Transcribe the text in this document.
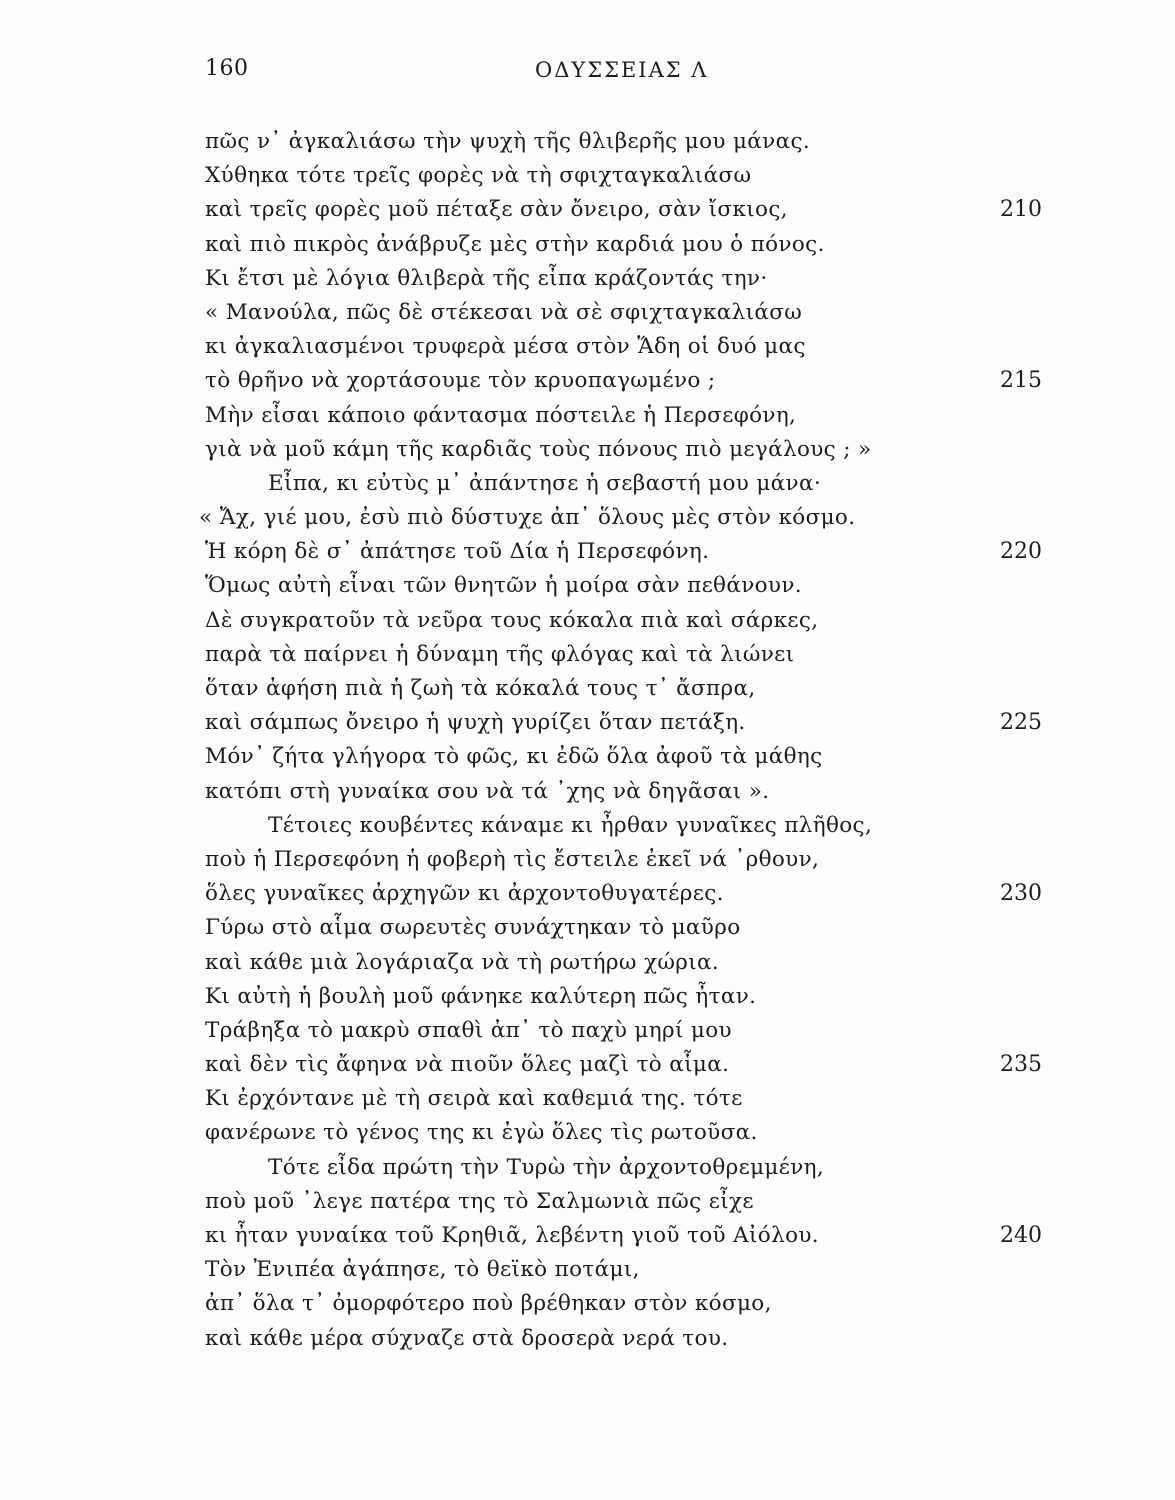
160	ΟΔΥΣΣΕΙΑΣ Λ
πῶς ν᾽ ἀγκαλιάσω τὴν ψυχὴ τῆς θλιβερῆς μου μάνας.
Χύθηκα τότε τρεῖς φορὲς νὰ τὴ σφιχταγκαλιάσω
καὶ τρεῖς φορὲς μοῦ πέταξε σὰν ὄνειρο, σὰν ἴσκιος,	210
καὶ πιὸ πικρὸς ἀνάβρυζε μὲς στὴν καρδιά μου ὁ πόνος.
Κι ἔτσι μὲ λόγια θλιβερὰ τῆς εἶπα κράζοντάς την·
« Μανούλα, πῶς δὲ στέκεσαι νὰ σὲ σφιχταγκαλιάσω
κι ἀγκαλιασμένοι τρυφερὰ μέσα στὸν Ἅδη οἱ δυό μας
τὸ θρῆνο νὰ χορτάσουμε τὸν κρυοπαγωμένο ;	215
Μὴν εἶσαι κάποιο φάντασμα πόστειλε ἡ Περσεφόνη,
γιὰ νὰ μοῦ κάμη τῆς καρδιᾶς τοὺς πόνους πιὸ μεγάλους ; »
Εἶπα, κι εὐτὺς μ᾽ ἀπάντησε ἡ σεβαστή μου μάνα·
« Ἄχ, γιέ μου, ἐσὺ πιὸ δύστυχε ἀπ᾽ ὅλους μὲς στὸν κόσμο.
Ἡ κόρη δὲ σ᾽ ἀπάτησε τοῦ Δία ἡ Περσεφόνη.	220
Ὅμως αὐτὴ εἶναι τῶν θνητῶν ἡ μοίρα σὰν πεθάνουν.
Δὲ συγκρατοῦν τὰ νεῦρα τους κόκαλα πιὰ καὶ σάρκες,
παρὰ τὰ παίρνει ἡ δύναμη τῆς φλόγας καὶ τὰ λιώνει
ὅταν ἀφήση πιὰ ἡ ζωὴ τὰ κόκαλά τους τ᾽ ἄσπρα,
καὶ σάμπως ὄνειρο ἡ ψυχὴ γυρίζει ὅταν πετάξη.	225
Μόν᾽ ζήτα γλήγορα τὸ φῶς, κι ἐδῶ ὅλα ἀφοῦ τὰ μάθης
κατόπι στὴ γυναίκα σου νὰ τά ᾽χης νὰ δηγᾶσαι ».
Τέτοιες κουβέντες κάναμε κι ἦρθαν γυναῖκες πλῆθος,
ποὺ ἡ Περσεφόνη ἡ φοβερὴ τὶς ἔστειλε ἐκεῖ νά ᾽ρθουν,
ὅλες γυναῖκες ἀρχηγῶν κι ἀρχοντοθυγατέρες.	230
Γύρω στὸ αἷμα σωρευτὲς συνάχτηκαν τὸ μαῦρο
καὶ κάθε μιὰ λογάριαζα νὰ τὴ ρωτήρω χώρια.
Κι αὐτὴ ἡ βουλὴ μοῦ φάνηκε καλύτερη πῶς ἦταν.
Τράβηξα τὸ μακρὺ σπαθὶ ἀπ᾽ τὸ παχὺ μηρί μου
καὶ δὲν τὶς ἄφηνα νὰ πιοῦν ὅλες μαζὶ τὸ αἷμα.	235
Κι ἐρχόντανε μὲ τὴ σειρὰ καὶ καθεμιά της. τότε
φανέρωνε τὸ γένος της κι ἐγὼ ὅλες τὶς ρωτοῦσα.
Τότε εἶδα πρώτη τὴν Τυρὼ τὴν ἀρχοντοθρεμμένη,
ποὺ μοῦ ᾽λεγε πατέρα της τὸ Σαλμωνιὰ πῶς εἶχε
κι ἦταν γυναίκα τοῦ Κρηθιᾶ, λεβέντη γιοῦ τοῦ Αἰόλου.	240
Τὸν Ἐνιπέα ἀγάπησε, τὸ θεϊκὸ ποτάμι,
ἀπ᾽ ὅλα τ᾽ ὀμορφότερο ποὺ βρέθηκαν στὸν κόσμο,
καὶ κάθε μέρα σύχναζε στὰ δροσερὰ νερά του.
